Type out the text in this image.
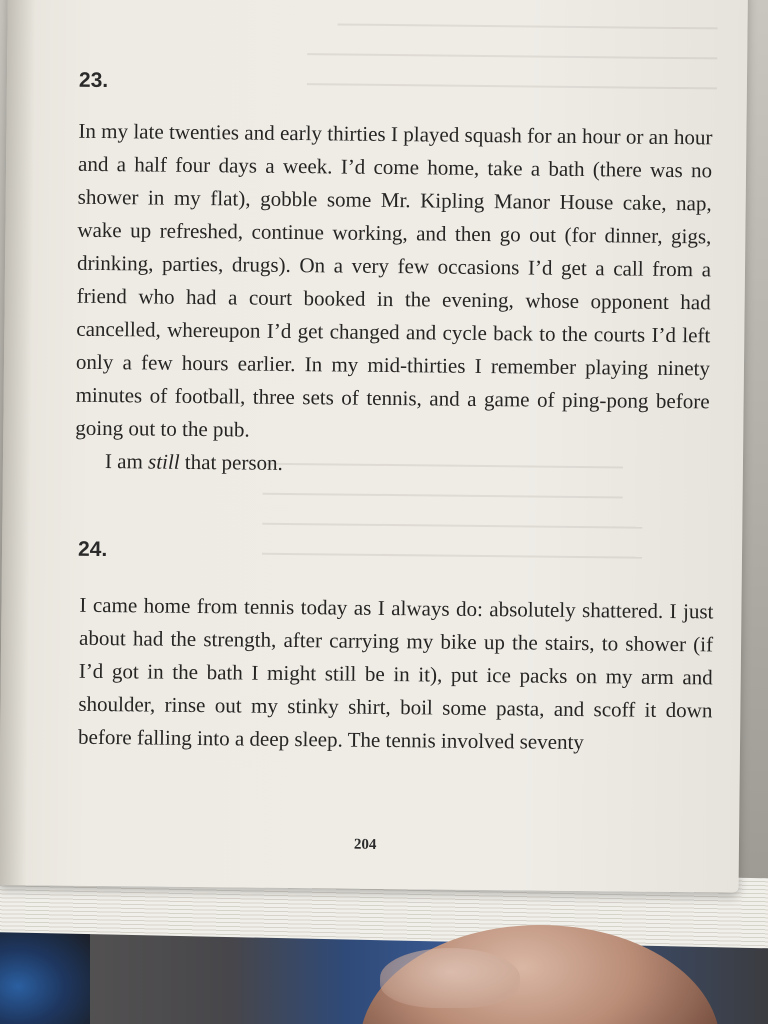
23.
In my late twenties and early thirties I played squash for an hour or an hour and a half four days a week. I’d come home, take a bath (there was no shower in my flat), gobble some Mr. Kipling Manor House cake, nap, wake up refreshed, continue working, and then go out (for dinner, gigs, drinking, parties, drugs). On a very few occasions I’d get a call from a friend who had a court booked in the evening, whose opponent had cancelled, whereupon I’d get changed and cycle back to the courts I’d left only a few hours earlier. In my mid-thirties I remember playing ninety minutes of football, three sets of tennis, and a game of ping-pong before going out to the pub.
I am still that person.
24.
I came home from tennis today as I always do: absolutely shattered. I just about had the strength, after carrying my bike up the stairs, to shower (if I’d got in the bath I might still be in it), put ice packs on my arm and shoulder, rinse out my stinky shirt, boil some pasta, and scoff it down before falling into a deep sleep. The tennis involved seventy

204
